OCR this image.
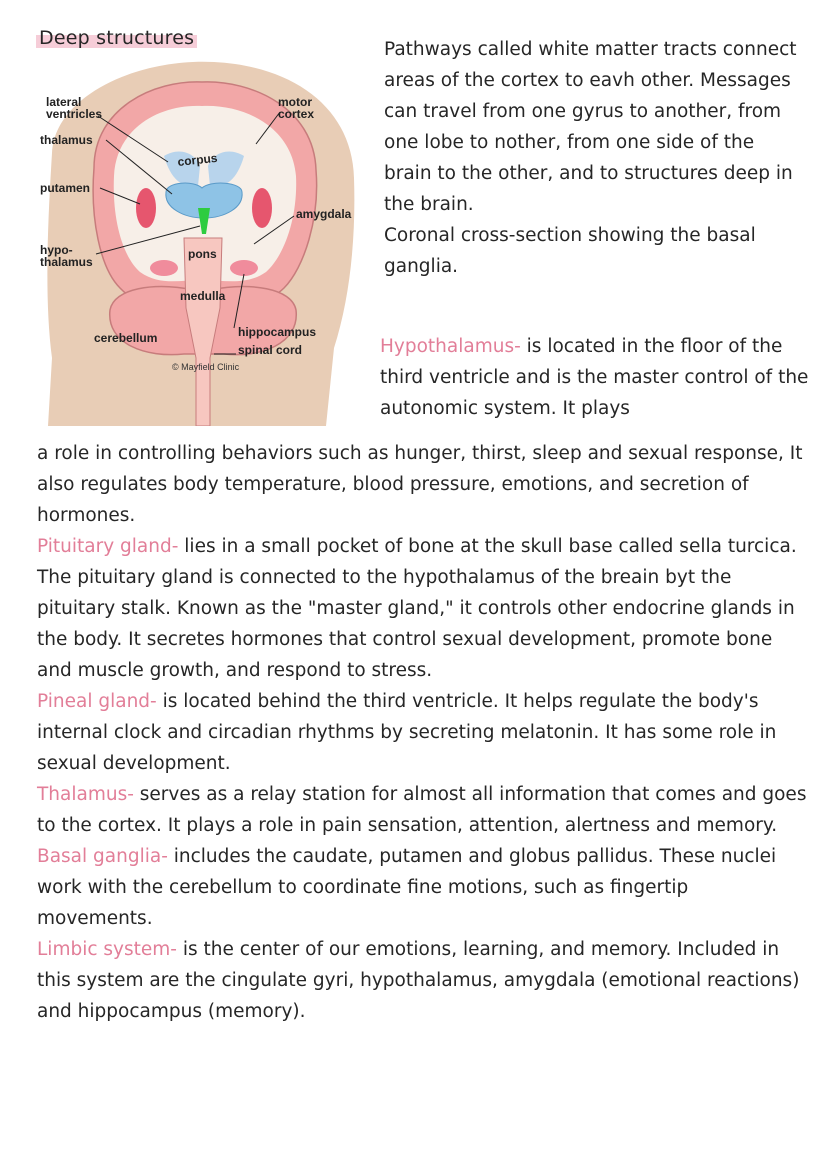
Deep structures
lateral
ventricles
thalamus
corpus
putamen
hypo-
thalamus
motor
cortex
amygdala
pons
medulla
cerebellum	hippocampus
spinal cord
© Mayfield Clinic

Pathways called white matter tracts connect areas of the cortex to eavh other. Messages can travel from one gyrus to another, from one lobe to nother, from one side of the brain to the other, and to structures deep in the brain.

Coronal cross-section showing the basal ganglia.

Hypothalamus- is located in the floor of the third ventricle and is the master control of the autonomic system. It plays

a role in controlling behaviors such as hunger, thirst, sleep and sexual response, It also regulates body temperature, blood pressure, emotions, and secretion of hormones.

Pituitary gland- lies in a small pocket of bone at the skull base called sella turcica. The pituitary gland is connected to the hypothalamus of the breain byt the pituitary stalk. Known as the "master gland," it controls other endocrine glands in the body. It secretes hormones that control sexual development, promote bone and muscle growth, and respond to stress.

Pineal gland- is located behind the third ventricle. It helps regulate the body's internal clock and circadian rhythms by secreting melatonin. It has some role in sexual development.

Thalamus- serves as a relay station for almost all information that comes and goes to the cortex. It plays a role in pain sensation, attention, alertness and memory.

Basal ganglia- includes the caudate, putamen and globus pallidus. These nuclei work with the cerebellum to coordinate fine motions, such as fingertip movements.

Limbic system- is the center of our emotions, learning, and memory. Included in this system are the cingulate gyri, hypothalamus, amygdala (emotional reactions) and hippocampus (memory).
